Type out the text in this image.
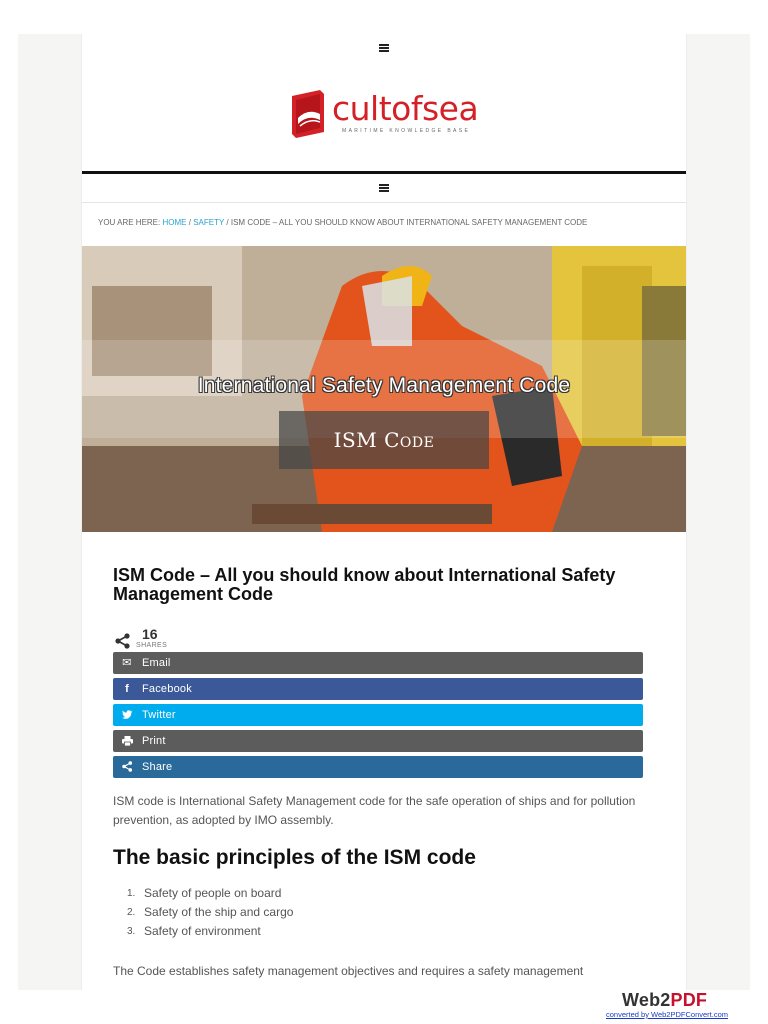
cultofsea
MARITIME KNOWLEDGE BASE
YOU ARE HERE: HOME / SAFETY / ISM CODE – ALL YOU SHOULD KNOW ABOUT INTERNATIONAL SAFETY MANAGEMENT CODE
International Safety Management Code
ISM Code
ISM Code – All you should know about International Safety Management Code
16
SHARES
✉ Email
f	Facebook
Twitter
Print
Share
ISM code is International Safety Management code for the safe operation of ships and for pollution prevention, as adopted by IMO assembly.
The basic principles of the ISM code
1. Safety of people on board
2. Safety of the ship and cargo
3. Safety of environment
The Code establishes safety management objectives and requires a safety management
Web2PDF
converted by Web2PDFConvert.com
